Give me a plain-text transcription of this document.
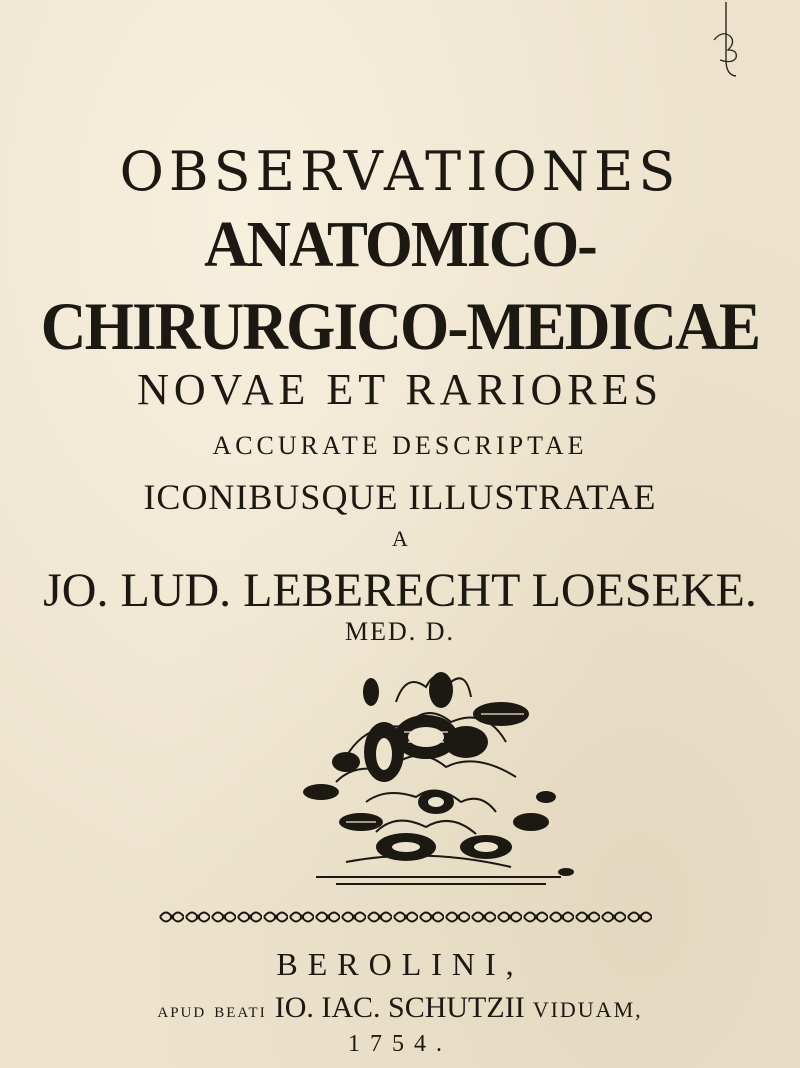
OBSERVATIONES
ANATOMICO-
CHIRURGICO-MEDICAE
NOVAE ET RARIORES
ACCURATE DESCRIPTAE
ICONIBUSQUE ILLUSTRATAE
A
JO. LUD. LEBERECHT LOESEKE.
MED. D.
BEROLINI,
APUD BEATI IO. IAC. SCHUTZII VIDUAM,
1754.
